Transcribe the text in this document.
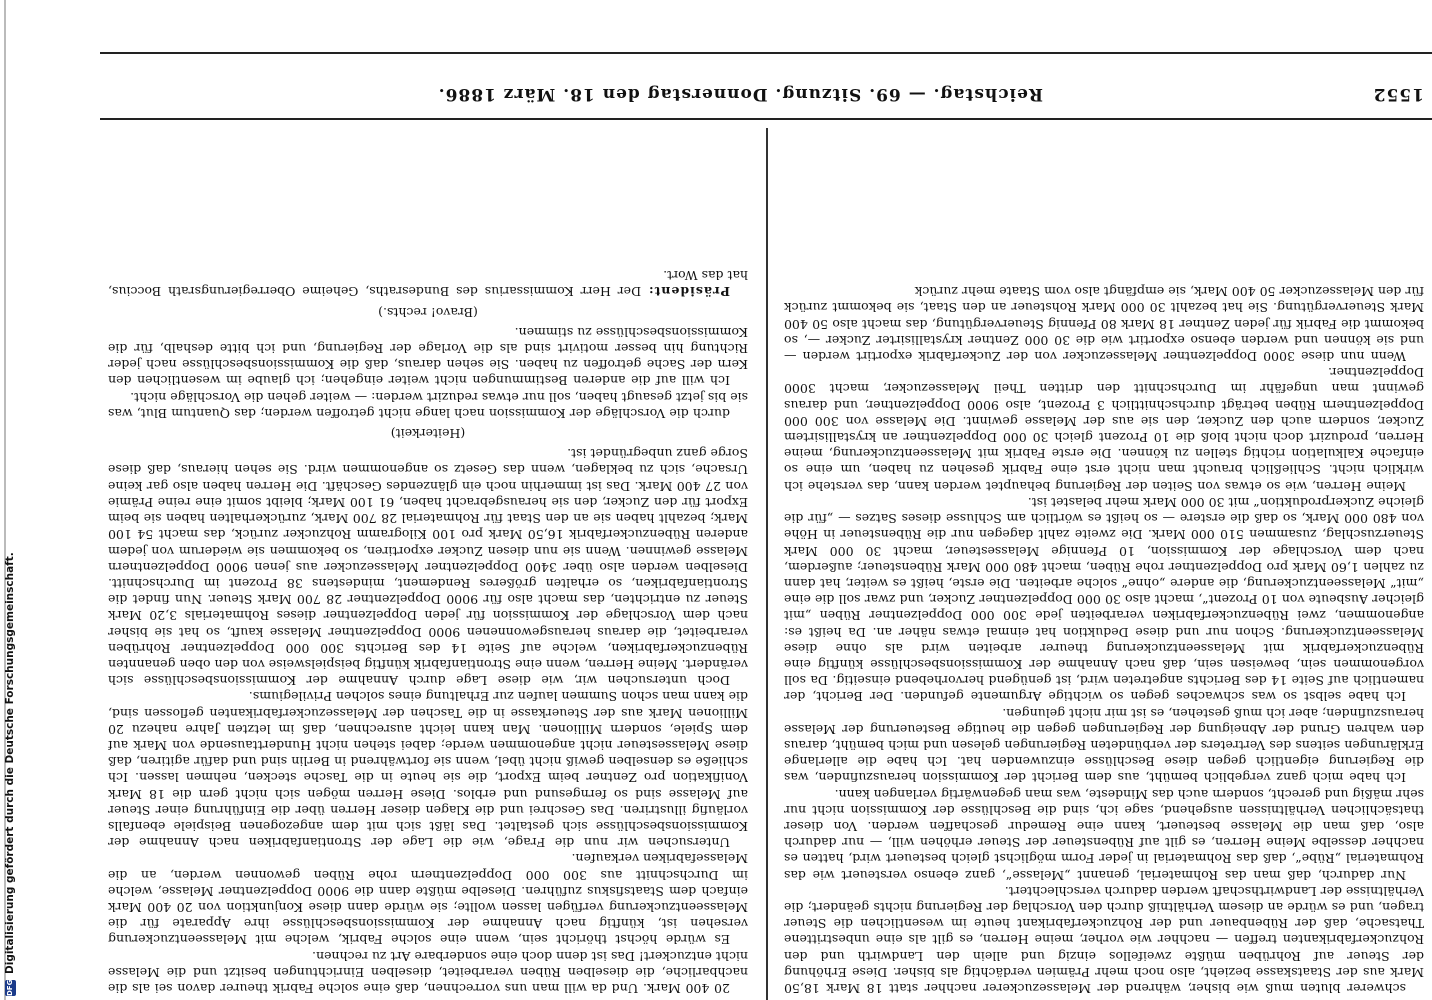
DFG
Digitalisierung gefördert durch die Deutsche Forschungsgemeinschaft.
1552
Reichstag. — 69. Sitzung. Donnerstag den 18. März 1886.

schwerer bluten muß wie bisher, während der Melassezuckerer nachher statt 18 Mark 18,50 Mark aus der Staatskasse bezieht, also noch mehr Prämien verdächtig als bisher. Diese Erhöhung der Steuer auf Rohrüben müßte zweifellos einzig und allein den Landwirth und den Rohzuckerfabrikanten treffen — nachher wie vorher, meine Herren, es gilt als eine unbestrittene Thatsache, daß der Rübenbauer und der Rohzuckerfabrikant heute im wesentlichen die Steuer tragen, und es würde an diesem Verhältniß durch den Vorschlag der Regierung nichts geändert; die Verhältnisse der Landwirthschaft werden dadurch verschlechtert.

Nur dadurch, daß man das Rohmaterial, genannt „Melasse“, ganz ebenso versteuert wie das Rohmaterial „Rübe“, daß das Rohmaterial in jeder Form möglichst gleich besteuert wird, hatten es nachher desselbe Meine Herren, es gilt auf Rübensteuer der Steuer erhöhen will, — nur dadurch also, daß man die Melasse besteuert, kann eine Remedur geschaffen werden. Von dieser thatsächlichen Verhältnissen ausgehend, sage ich, sind die Beschlüsse der Kommission nicht nur sehr mäßig und gerecht, sondern auch das Mindeste, was man gegenwärtig verlangen kann.

Ich habe mich ganz vergeblich bemüht, aus dem Bericht der Kommission herauszufinden, was die Regierung eigentlich gegen diese Beschlüsse einzuwenden hat. Ich habe die allerlange Erklärungen seitens des Vertreters der verbündeten Regierungen gelesen und mich bemüht, daraus den wahren Grund der Abneigung der Regierungen gegen die heutige Besteuerung der Melasse herauszufinden; aber ich muß gestehen, es ist mir nicht gelungen.

Ich habe selbst so was schwaches gegen so wichtige Argumente gefunden. Der Bericht, der namentlich auf Seite 14 des Berichts angetreten wird, ist genügend hervorhebend einseitig. Da soll vorgenommen sein, beweisen sein, daß nach Annahme der Kommissionsbeschlüsse künftig eine Rübenzuckerfabrik mit Melasseentzuckerung theurer arbeiten wird als ohne diese Melasseentzuckerung. Schon nur und diese Deduktion hat einmal etwas näher an. Da heißt es: angenommen, zwei Rübenzuckerfabriken verarbeiten jede 300 000 Doppelzentner Rüben „mit gleicher Ausbeute von 10 Prozent“, macht also 30 000 Doppelzentner Zucker, und zwar soll die eine „mit“ Melasseentzuckerung, die andere „ohne“ solche arbeiten. Die erste, heißt es weiter, hat dann zu zahlen 1,60 Mark pro Doppelzentner rohe Rüben, macht 480 000 Mark Rübensteuer; außerdem, nach dem Vorschlage der Kommission, 10 Pfennige Melassesteuer, macht 30 000 Mark Steuerzuschlag, zusammen 510 000 Mark. Die zweite zahlt dagegen nur die Rübensteuer in Höhe von 480 000 Mark, so daß die erstere — so heißt es wörtlich am Schlusse dieses Satzes — „für die gleiche Zuckerproduktion“ mit 30 000 Mark mehr belastet ist.

Meine Herren, wie so etwas von Seiten der Regierung behauptet werden kann, das verstehe ich wirklich nicht. Schließlich braucht man nicht erst eine Fabrik gesehen zu haben, um eine so einfache Kalkulation richtig stellen zu können. Die erste Fabrik mit Melasseentzuckerung, meine Herren, produzirt doch nicht bloß die 10 Prozent gleich 30 000 Doppelzentner an krystallisirtem Zucker, sondern auch den Zucker, den sie aus der Melasse gewinnt. Die Melasse von 300 000 Doppelzentnern Rüben beträgt durchschnittlich 3 Prozent, also 9000 Doppelzentner, und daraus gewinnt man ungefähr im Durchschnitt den dritten Theil Melassezucker, macht 3000 Doppelzentner.

Wenn nun diese 3000 Doppelzentner Melassezucker von der Zuckerfabrik exportirt werden — und sie können und werden ebenso exportirt wie die 30 000 Zentner krystallisirter Zucker —, so bekommt die Fabrik für jeden Zentner 18 Mark 80 Pfennig Steuervergütung, das macht also 50 400 Mark Steuervergütung. Sie hat bezahlt 30 000 Mark Rohsteuer an den Staat, sie bekommt zurück für den Melassezucker 50 400 Mark, sie empfängt also vom Staate mehr zurück

20 400 Mark. Und da will man uns vorrechnen, daß eine solche Fabrik theurer davon sei als die nachbarliche, die dieselben Rüben verarbeitet, dieselben Einrichtungen besitzt und die Melasse nicht entzuckert! Das ist denn doch eine sonderbare Art zu rechnen.

Es würde höchst thöricht sein, wenn eine solche Fabrik, welche mit Melasseentzuckerung versehen ist, künftig nach Annahme der Kommissionsbeschlüsse ihre Apparate für die Melasseentzuckerung verfügen lassen wollte; sie würde dann diese Konjunktion von 20 400 Mark einfach dem Staatsfiskus zuführen. Dieselbe müßte dann die 9000 Doppelzentner Melasse, welche im Durchschnitt aus 300 000 Doppelzentnern rohe Rüben gewonnen werden, an die Melassefabriken verkaufen.

Untersuchen wir nun die Frage, wie die Lage der Strontianfabriken nach Annahme der Kommissionsbeschlüsse sich gestaltet. Das läßt sich mit dem angezogenen Beispiele ebenfalls vorläufig illustriren. Das Geschrei und die Klagen dieser Herren über die Einführung einer Steuer auf Melasse sind so ferngesund und erblos. Diese Herren mögen sich nicht gern die 18 Mark Vonifikation pro Zentner beim Export, die sie heute in die Tasche stecken, nehmen lassen. Ich schließe es denselben gewiß nicht übel, wenn sie fortwährend in Berlin sind und dafür agitiren, daß diese Melassesteuer nicht angenommen werde; dabei stehen nicht Hunderttausende von Mark auf dem Spiele, sondern Millionen. Man kann leicht ausrechnen, daß im letzten Jahre nahezu 20 Millionen Mark aus der Steuerkasse in die Taschen der Melassezuckerfabrikanten geflossen sind, die kann man schon Summen laufen zur Erhaltung eines solchen Privilegiums.

Doch untersuchen wir, wie diese Lage durch Annahme der Kommissionsbeschlüsse sich verändert. Meine Herren, wenn eine Strontianfabrik künftig beispielsweise von den oben genannten Rübenzuckerfabriken, welche auf Seite 14 des Berichts 300 000 Doppelzentner Rohrüben verarbeitet, die daraus herausgewonnenen 9000 Doppelzentner Melasse kauft, so hat sie bisher nach dem Vorschlage der Kommission für jeden Doppelzentner dieses Rohmaterials 3,20 Mark Steuer zu entrichten, das macht also für 9000 Doppelzentner 28 700 Mark Steuer. Nun findet die Strontianfabriken, so erhalten größeres Rendement, mindestens 38 Prozent im Durchschnitt. Dieselben werden also über 3400 Doppelzentner Melassezucker aus jenen 9000 Doppelzentnern Melasse gewinnen. Wenn sie nun diesen Zucker exportiren, so bekommen sie wiederum von jedem anderen Rübenzuckerfabrik 16,50 Mark pro 100 Kilogramm Rohzucker zurück, das macht 54 100 Mark; bezahlt haben sie an den Staat für Rohmaterial 28 700 Mark, zurückerhalten haben sie beim Export für den Zucker, den sie herausgebracht haben, 61 100 Mark; bleibt somit eine reine Prämie von 27 400 Mark. Das ist immerhin noch ein glänzendes Geschäft. Die Herren haben also gar keine Ursache, sich zu beklagen, wenn das Gesetz so angenommen wird. Sie sehen hieraus, daß diese Sorge ganz unbegründet ist.

(Heiterkeit)

durch die Vorschläge der Kommission nach lange nicht getroffen werden; das Quantum Blut, was sie bis jetzt gesaugt haben, soll nur etwas reduzirt werden: — weiter gehen die Vorschläge nicht.

Ich will auf die anderen Bestimmungen nicht weiter eingehen; ich glaube im wesentlichen den Kern der Sache getroffen zu haben. Sie sehen daraus, daß die Kommissionsbeschlüsse nach jeder Richtung hin besser motivirt sind als die Vorlage der Regierung, und ich bitte deshalb, für die Kommissionsbeschlüsse zu stimmen.

(Bravo! rechts.)

Präsident: Der Herr Kommissarius des Bundesraths, Geheime Oberregierungsrath Boccius, hat das Wort.
